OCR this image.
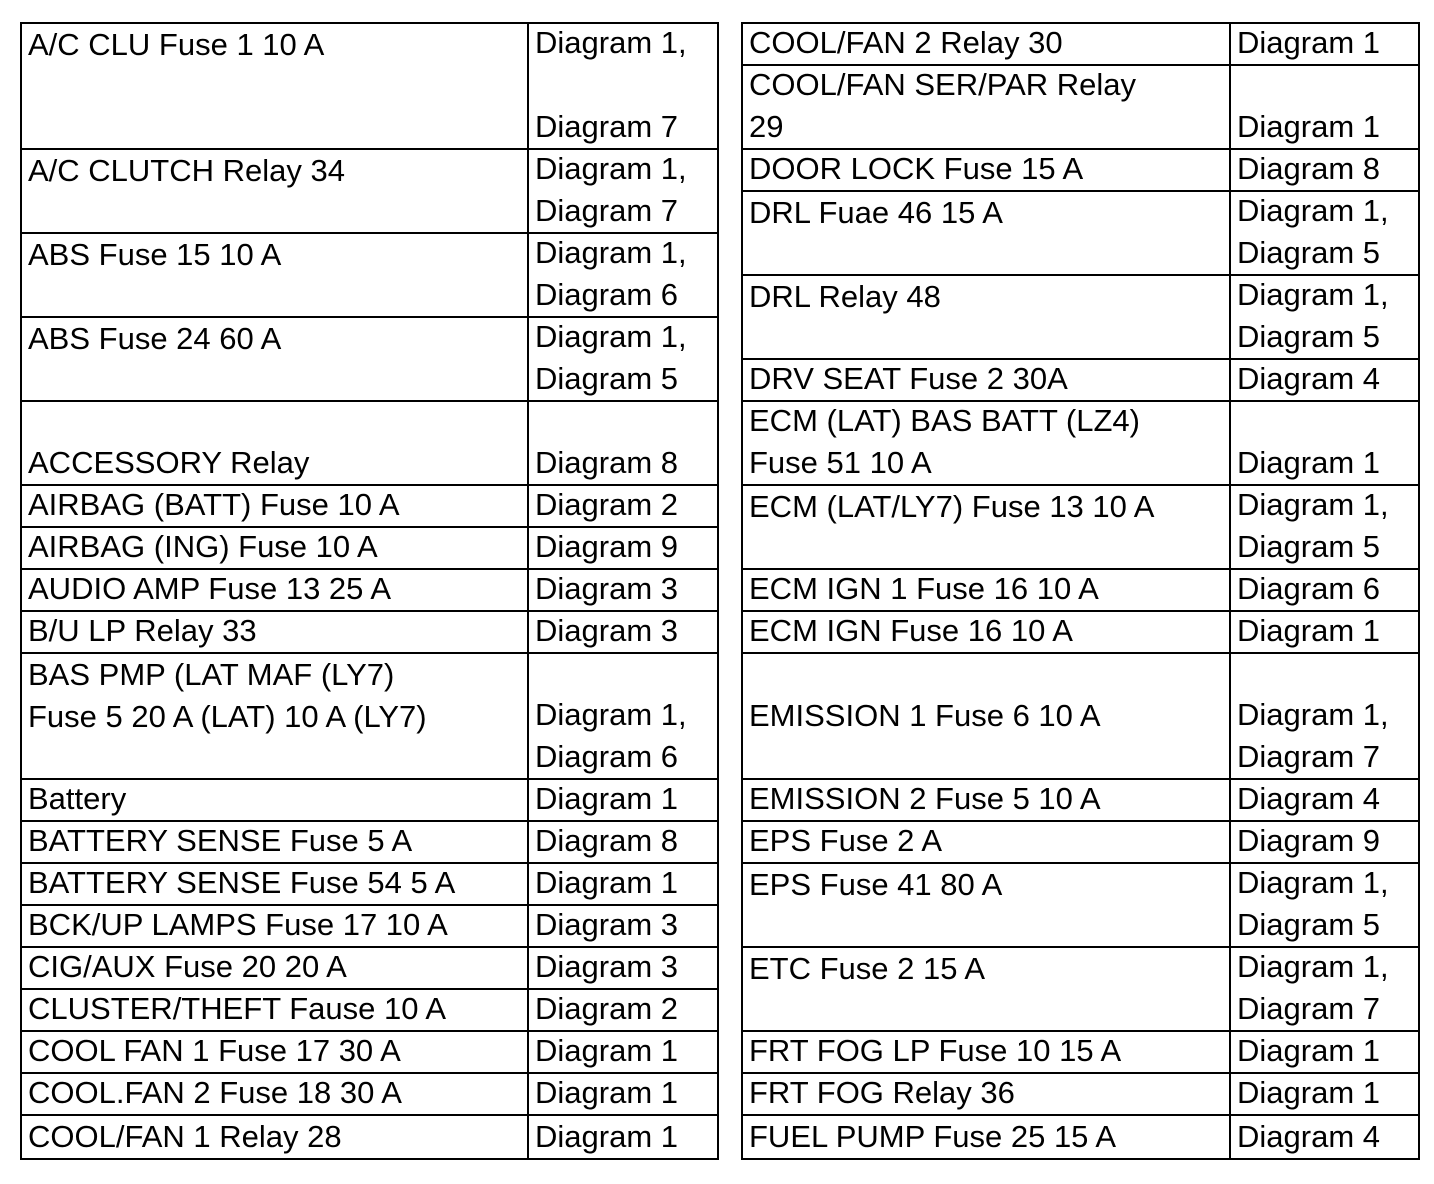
A/C CLU Fuse 1 10 A	Diagram 1,

Diagram 7
A/C CLUTCH Relay 34	Diagram 1,
Diagram 7
ABS Fuse 15 10 A	Diagram 1,
Diagram 6
ABS Fuse 24 60 A	Diagram 1,
Diagram 5
ACCESSORY Relay	Diagram 8
AIRBAG (BATT) Fuse 10 A	Diagram 2
AIRBAG (ING) Fuse 10 A	Diagram 9
AUDIO AMP Fuse 13 25 A	Diagram 3
B/U LP Relay 33	Diagram 3
BAS PMP (LAT MAF (LY7)
Fuse 5 20 A (LAT) 10 A (LY7)	Diagram 1,
Diagram 6
Battery	Diagram 1
BATTERY SENSE Fuse 5 A	Diagram 8
BATTERY SENSE Fuse 54 5 A	Diagram 1
BCK/UP LAMPS Fuse 17 10 A	Diagram 3
CIG/AUX Fuse 20 20 A	Diagram 3
CLUSTER/THEFT Fause 10 A	Diagram 2
COOL FAN 1 Fuse 17 30 A	Diagram 1
COOL.FAN 2 Fuse 18 30 A	Diagram 1
COOL/FAN 1 Relay 28	Diagram 1
COOL/FAN 2 Relay 30	Diagram 1
COOL/FAN SER/PAR Relay
29	Diagram 1
DOOR LOCK Fuse 15 A	Diagram 8
DRL Fuae 46 15 A	Diagram 1,
Diagram 5
DRL Relay 48	Diagram 1,
Diagram 5
DRV SEAT Fuse 2 30A	Diagram 4
ECM (LAT) BAS BATT (LZ4)
Fuse 51 10 A	Diagram 1
ECM (LAT/LY7) Fuse 13 10 A	Diagram 1,
Diagram 5
ECM IGN 1 Fuse 16 10 A	Diagram 6
ECM IGN Fuse 16 10 A	Diagram 1
EMISSION 1 Fuse 6 10 A	Diagram 1,
Diagram 7
EMISSION 2 Fuse 5 10 A	Diagram 4
EPS Fuse 2 A	Diagram 9
EPS Fuse 41 80 A	Diagram 1,
Diagram 5
ETC Fuse 2 15 A	Diagram 1,
Diagram 7
FRT FOG LP Fuse 10 15 A	Diagram 1
FRT FOG Relay 36	Diagram 1
FUEL PUMP Fuse 25 15 A	Diagram 4
